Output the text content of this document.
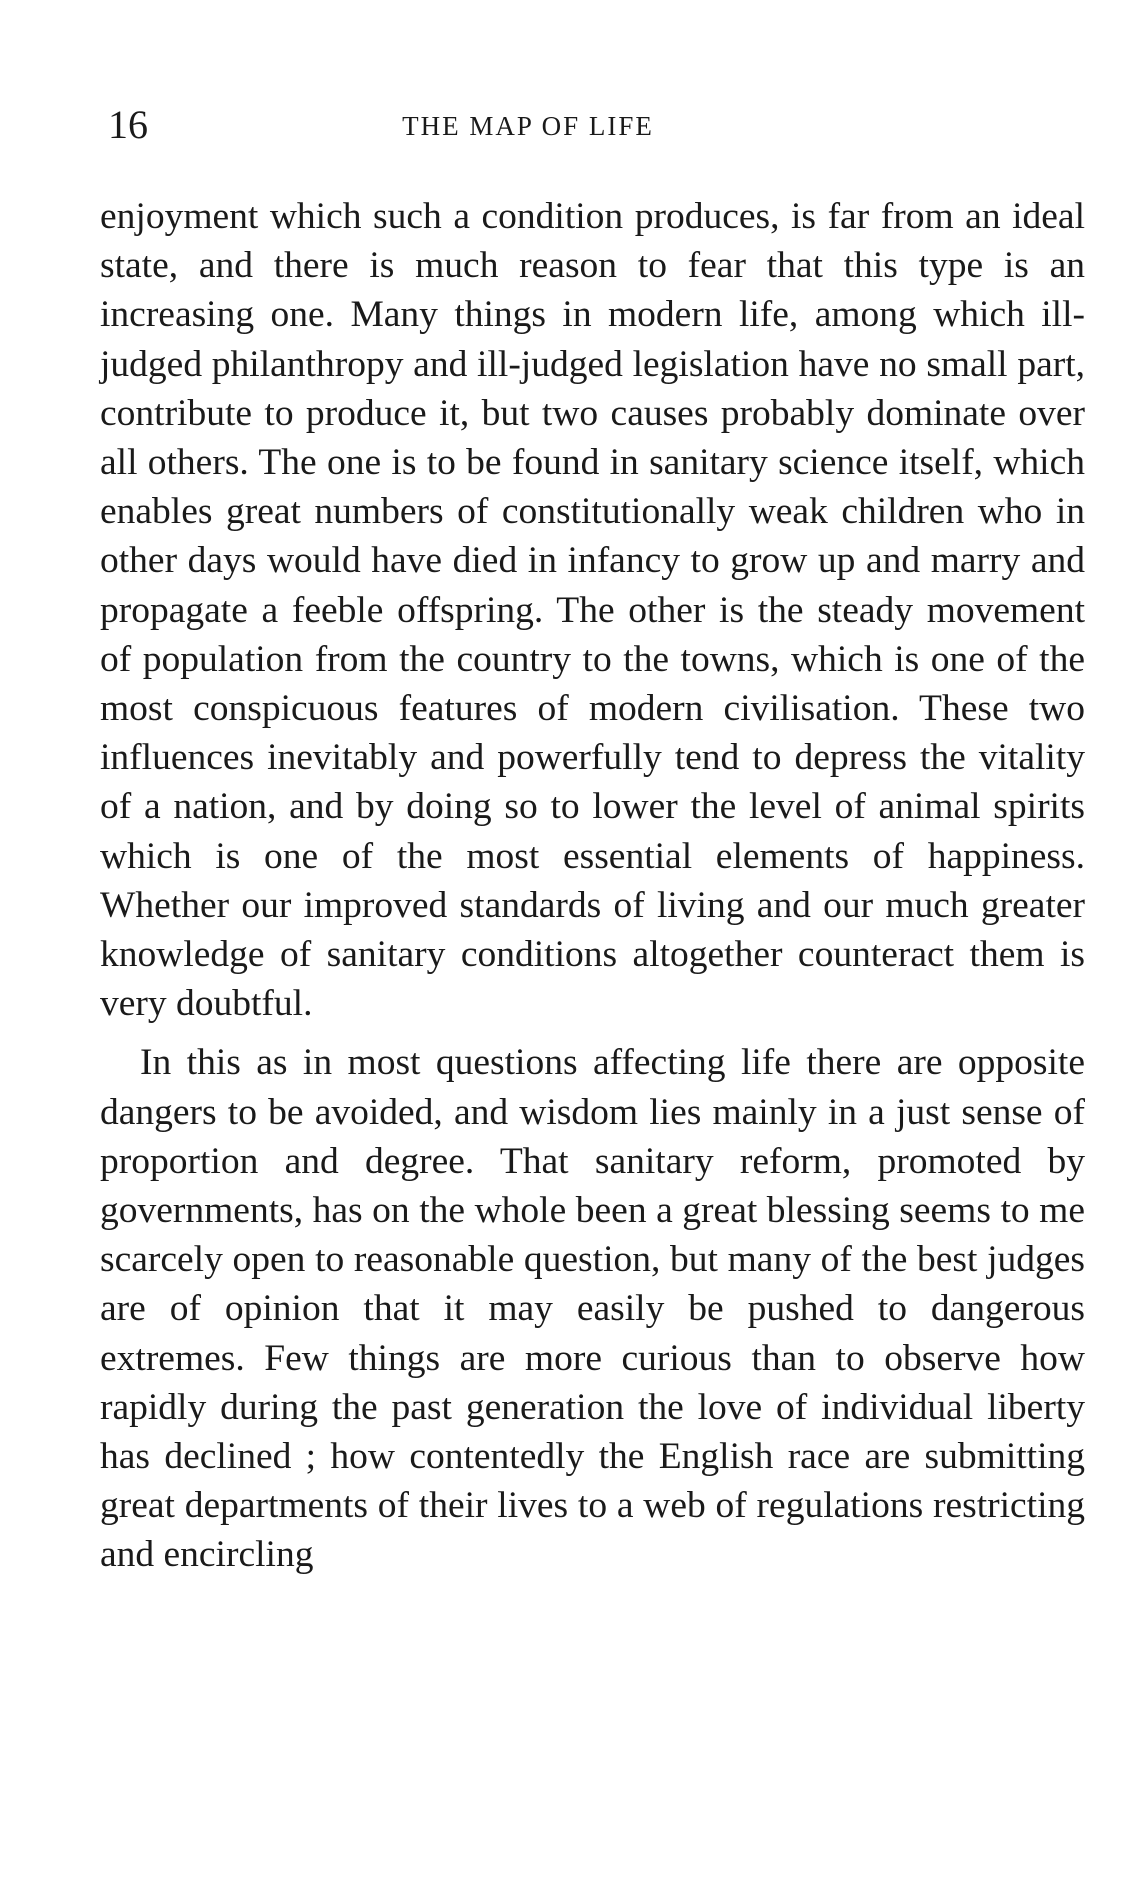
16	THE MAP OF LIFE

enjoyment which such a condition produces, is far from an ideal state, and there is much reason to fear that this type is an increasing one. Many things in modern life, among which ill-judged philanthropy and ill-judged legislation have no small part, contribute to produce it, but two causes probably dominate over all others. The one is to be found in sanitary science itself, which enables great numbers of constitutionally weak children who in other days would have died in infancy to grow up and marry and propagate a feeble offspring. The other is the steady movement of population from the country to the towns, which is one of the most conspicuous features of modern civilisation. These two influences inevitably and powerfully tend to depress the vitality of a nation, and by doing so to lower the level of animal spirits which is one of the most essential elements of happiness. Whether our improved standards of living and our much greater knowledge of sanitary conditions altogether counteract them is very doubtful.

In this as in most questions affecting life there are opposite dangers to be avoided, and wisdom lies mainly in a just sense of proportion and degree. That sanitary reform, promoted by governments, has on the whole been a great blessing seems to me scarcely open to reasonable question, but many of the best judges are of opinion that it may easily be pushed to dangerous extremes. Few things are more curious than to observe how rapidly during the past generation the love of individual liberty has declined ; how contentedly the English race are submitting great departments of their lives to a web of regulations restricting and encircling
